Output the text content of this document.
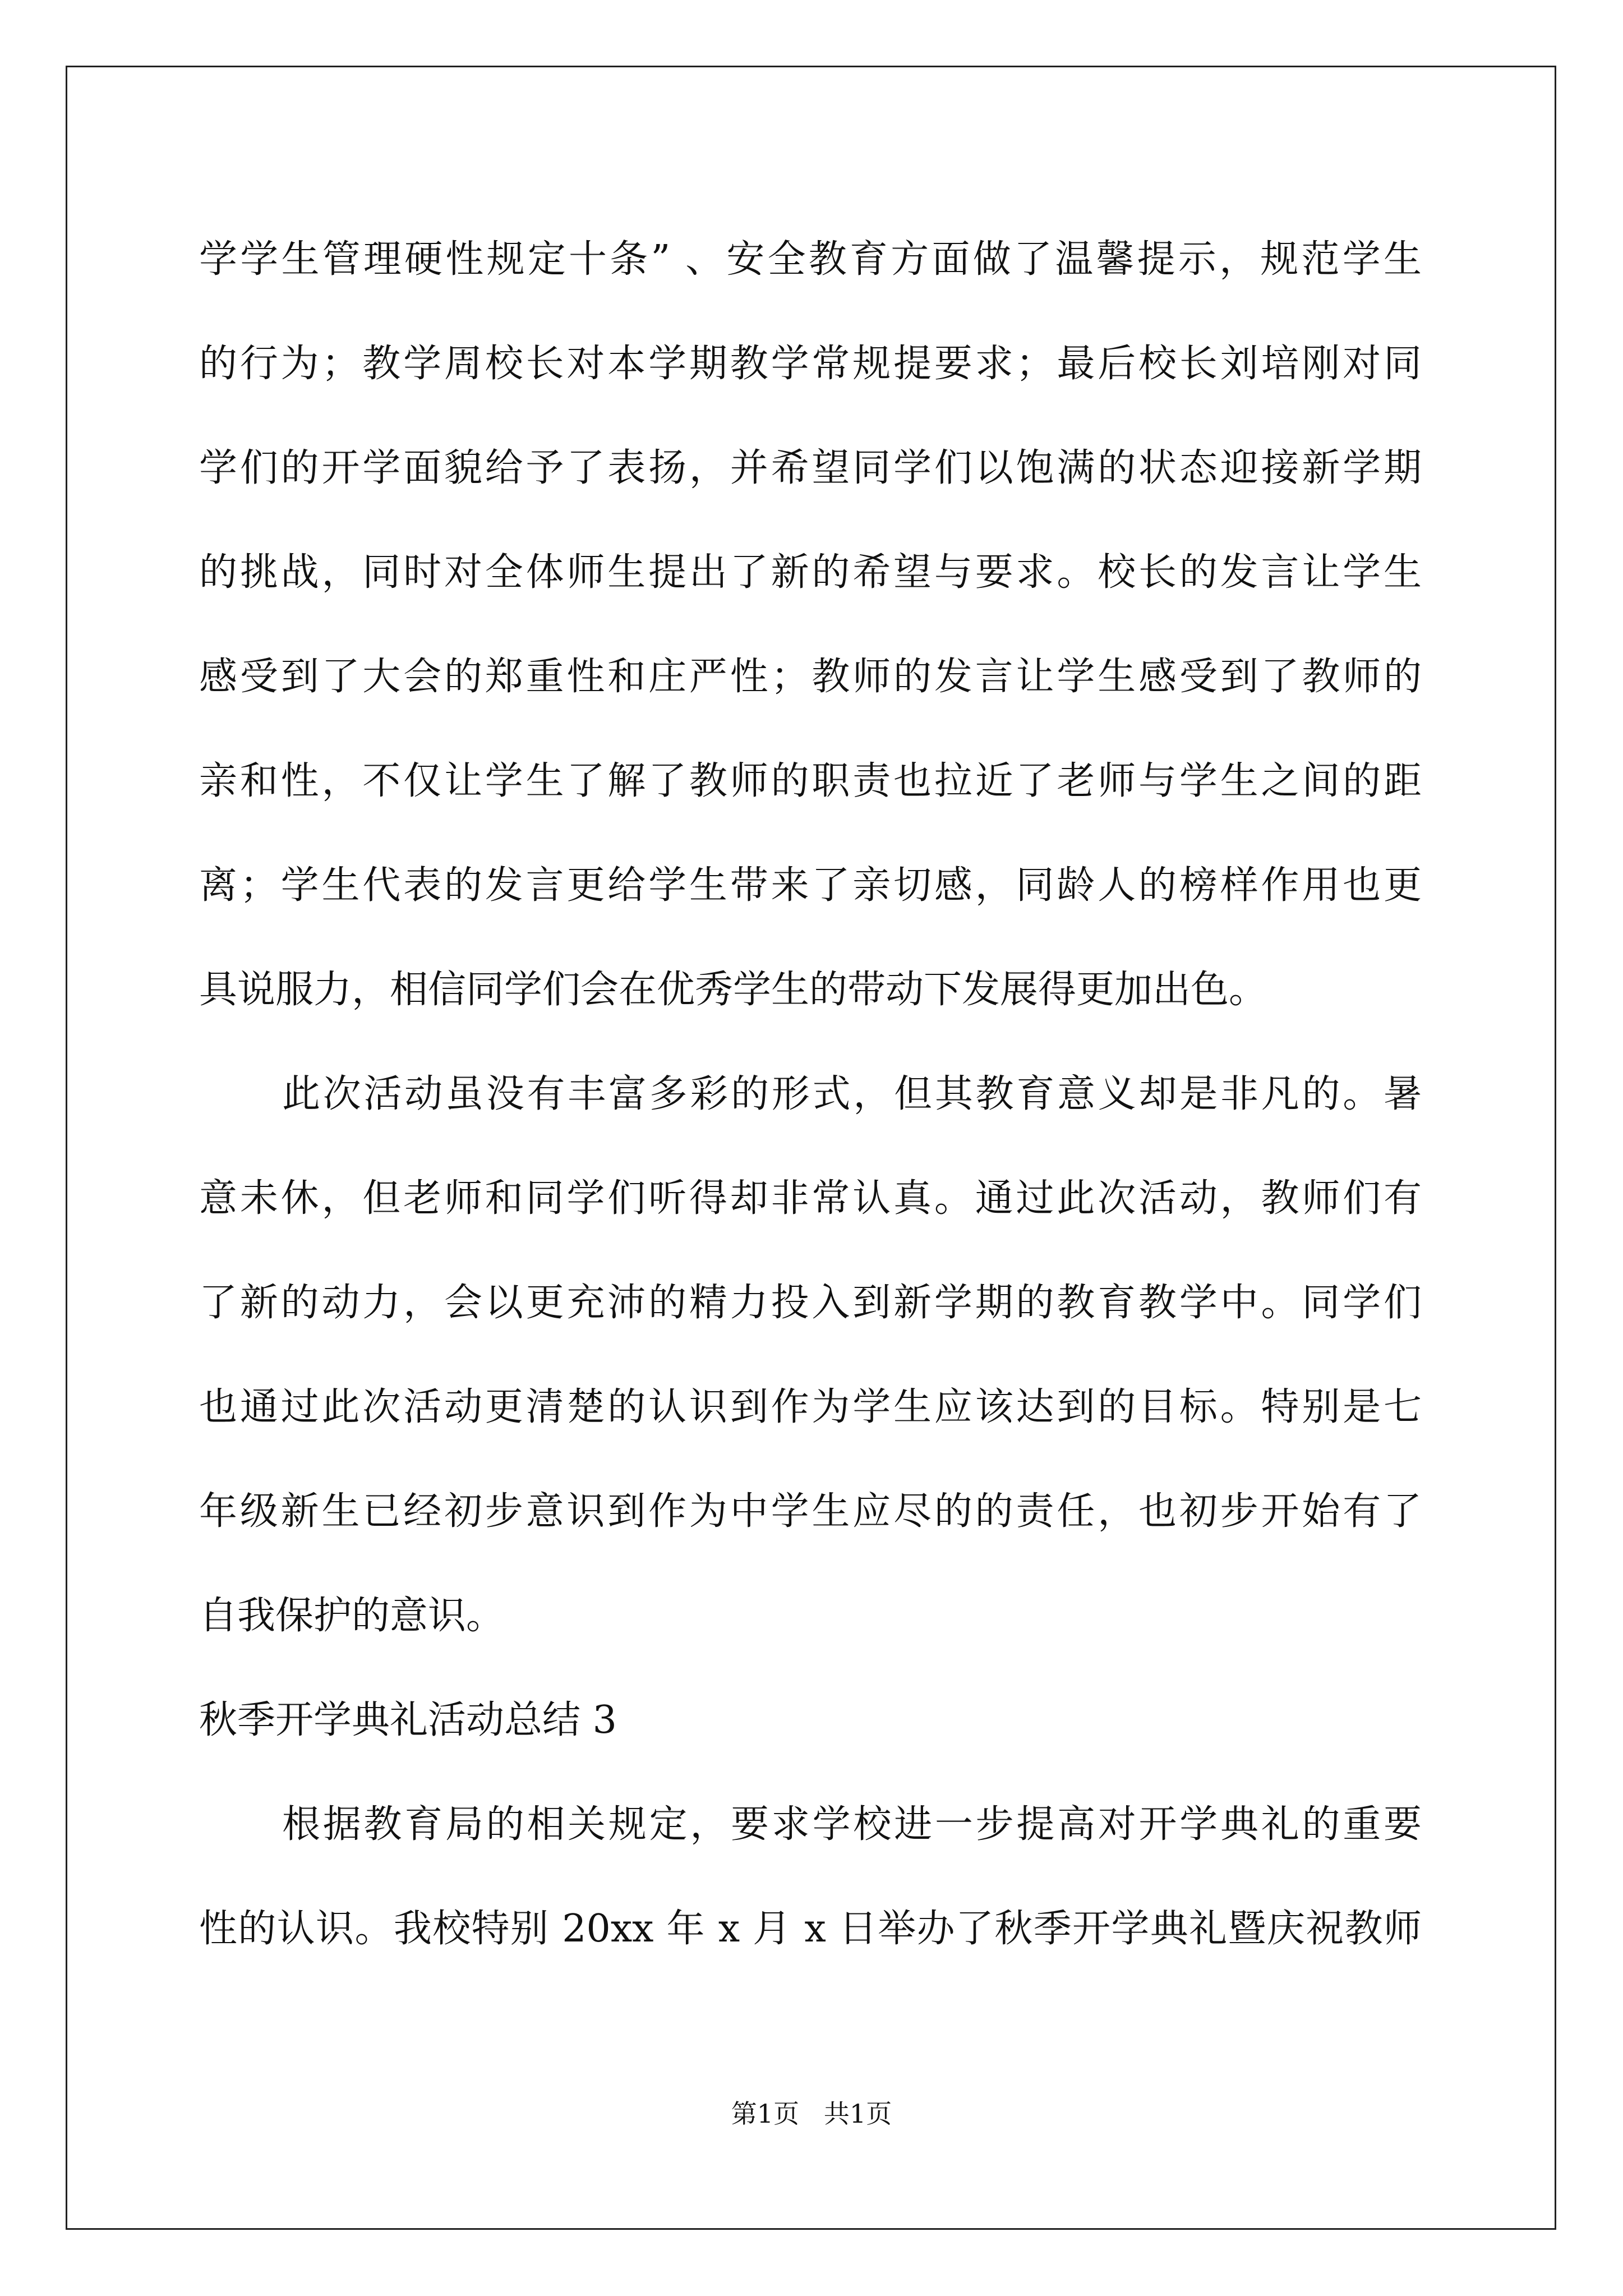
学学生管理硬性规定十条” 、安全教育方面做了温馨提示，规范学生
的行为；教学周校长对本学期教学常规提要求；最后校长刘培刚对同
学们的开学面貌给予了表扬，并希望同学们以饱满的状态迎接新学期
的挑战，同时对全体师生提出了新的希望与要求。校长的发言让学生
感受到了大会的郑重性和庄严性；教师的发言让学生感受到了教师的
亲和性，不仅让学生了解了教师的职责也拉近了老师与学生之间的距
离；学生代表的发言更给学生带来了亲切感，同龄人的榜样作用也更
具说服力，相信同学们会在优秀学生的带动下发展得更加出色。
此次活动虽没有丰富多彩的形式，但其教育意义却是非凡的。暑
意未休，但老师和同学们听得却非常认真。通过此次活动，教师们有
了新的动力，会以更充沛的精力投入到新学期的教育教学中。同学们
也通过此次活动更清楚的认识到作为学生应该达到的目标。特别是七
年级新生已经初步意识到作为中学生应尽的的责任，也初步开始有了
自我保护的意识。
秋季开学典礼活动总结 3
根据教育局的相关规定，要求学校进一步提高对开学典礼的重要
性的认识。我校特别 20xx 年 x 月 x 日举办了秋季开学典礼暨庆祝教师
第1页   共1页
